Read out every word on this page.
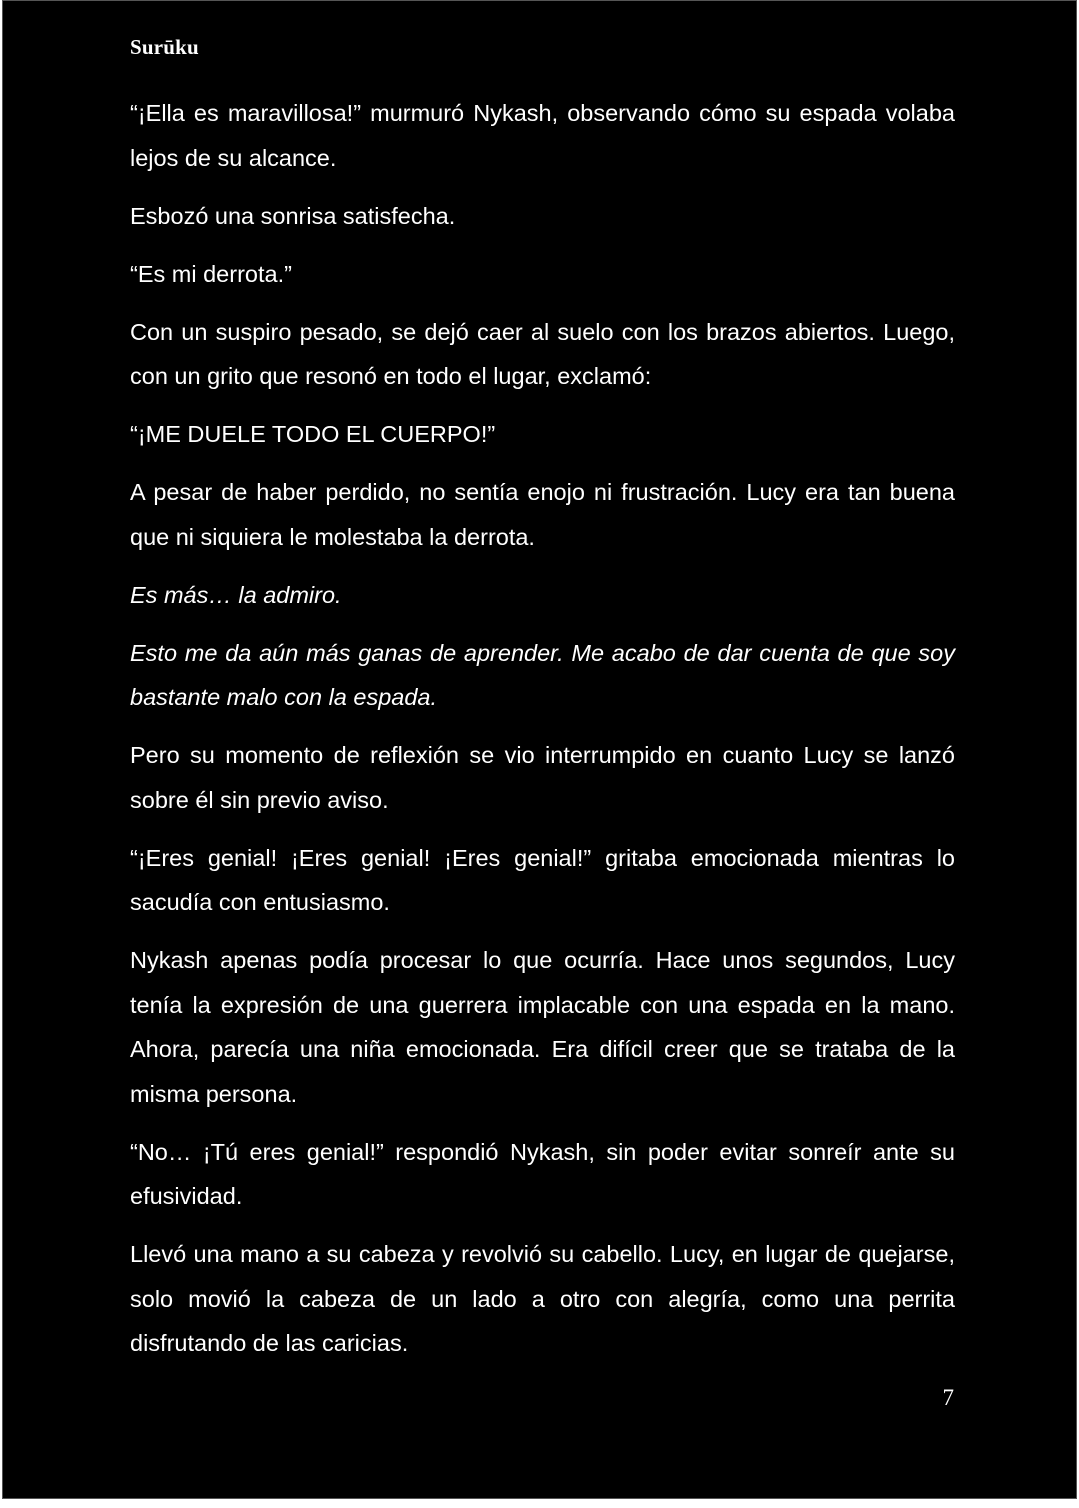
Surūku

“¡Ella es maravillosa!” murmuró Nykash, observando cómo su espada volaba lejos de su alcance.

Esbozó una sonrisa satisfecha.

“Es mi derrota.”

Con un suspiro pesado, se dejó caer al suelo con los brazos abiertos. Luego, con un grito que resonó en todo el lugar, exclamó:

“¡ME DUELE TODO EL CUERPO!”

A pesar de haber perdido, no sentía enojo ni frustración. Lucy era tan buena que ni siquiera le molestaba la derrota.

Es más… la admiro.

Esto me da aún más ganas de aprender. Me acabo de dar cuenta de que soy bastante malo con la espada.

Pero su momento de reflexión se vio interrumpido en cuanto Lucy se lanzó sobre él sin previo aviso.

“¡Eres genial! ¡Eres genial! ¡Eres genial!” gritaba emocionada mientras lo sacudía con entusiasmo.

Nykash apenas podía procesar lo que ocurría. Hace unos segundos, Lucy tenía la expresión de una guerrera implacable con una espada en la mano. Ahora, parecía una niña emocionada. Era difícil creer que se trataba de la misma persona.

“No… ¡Tú eres genial!” respondió Nykash, sin poder evitar sonreír ante su efusividad.

Llevó una mano a su cabeza y revolvió su cabello. Lucy, en lugar de quejarse, solo movió la cabeza de un lado a otro con alegría, como una perrita disfrutando de las caricias.

7
